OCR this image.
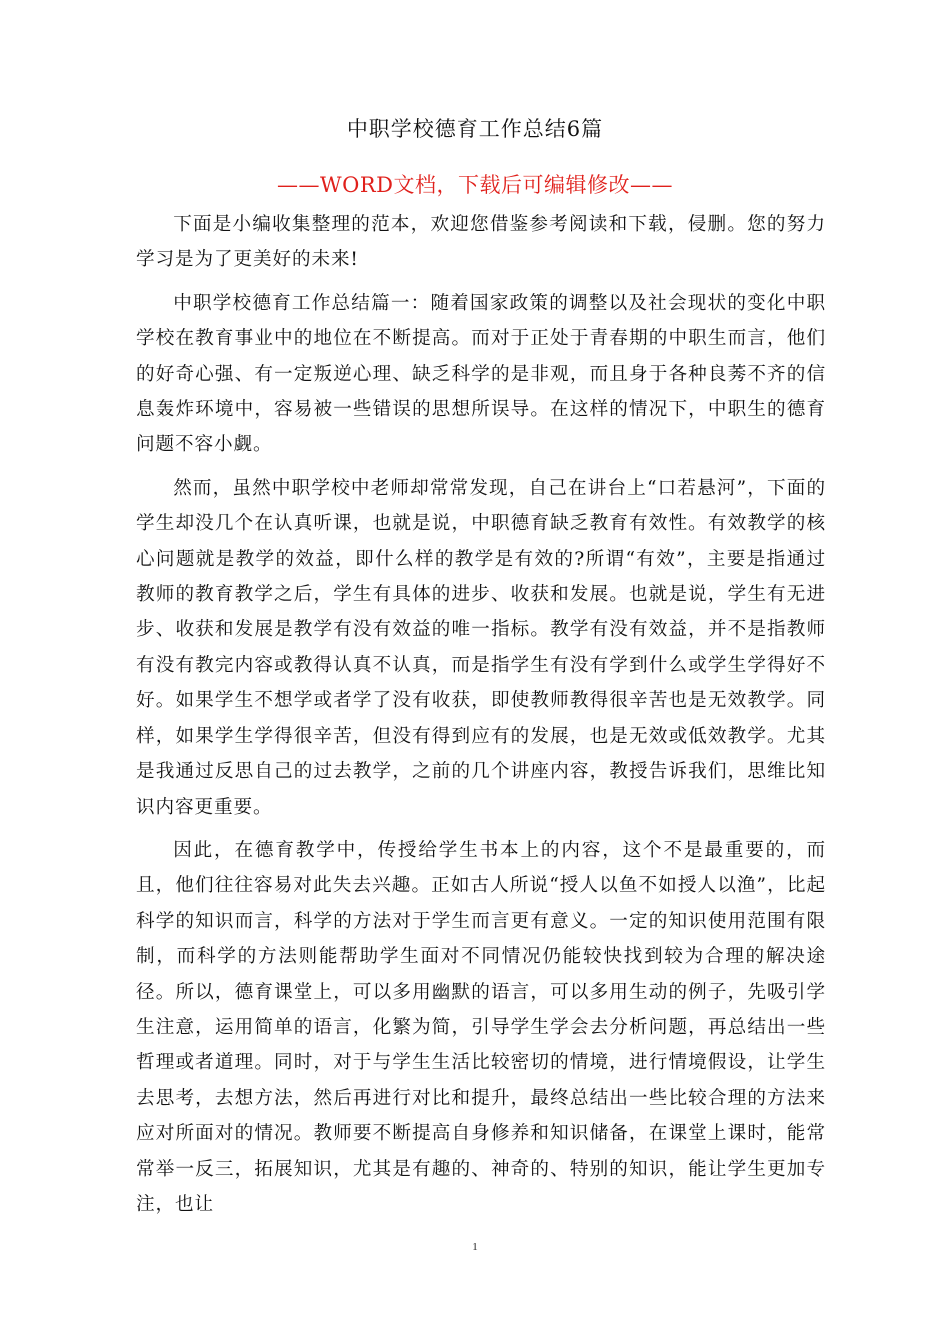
中职学校德育工作总结6篇
——WORD文档，下载后可编辑修改——

下面是小编收集整理的范本，欢迎您借鉴参考阅读和下载，侵删。您的努力学习是为了更美好的未来!

中职学校德育工作总结篇一：随着国家政策的调整以及社会现状的变化中职学校在教育事业中的地位在不断提高。而对于正处于青春期的中职生而言，他们的好奇心强、有一定叛逆心理、缺乏科学的是非观，而且身于各种良莠不齐的信息轰炸环境中，容易被一些错误的思想所误导。在这样的情况下，中职生的德育问题不容小觑。

然而，虽然中职学校中老师却常常发现，自己在讲台上“口若悬河”，下面的学生却没几个在认真听课，也就是说，中职德育缺乏教育有效性。有效教学的核心问题就是教学的效益，即什么样的教学是有效的?所谓“有效”，主要是指通过教师的教育教学之后，学生有具体的进步、收获和发展。也就是说，学生有无进步、收获和发展是教学有没有效益的唯一指标。教学有没有效益，并不是指教师有没有教完内容或教得认真不认真，而是指学生有没有学到什么或学生学得好不好。如果学生不想学或者学了没有收获，即使教师教得很辛苦也是无效教学。同样，如果学生学得很辛苦，但没有得到应有的发展，也是无效或低效教学。尤其是我通过反思自己的过去教学，之前的几个讲座内容，教授告诉我们，思维比知识内容更重要。

因此，在德育教学中，传授给学生书本上的内容，这个不是最重要的，而且，他们往往容易对此失去兴趣。正如古人所说“授人以鱼不如授人以渔”，比起科学的知识而言，科学的方法对于学生而言更有意义。一定的知识使用范围有限制，而科学的方法则能帮助学生面对不同情况仍能较快找到较为合理的解决途径。所以，德育课堂上，可以多用幽默的语言，可以多用生动的例子，先吸引学生注意，运用简单的语言，化繁为简，引导学生学会去分析问题，再总结出一些哲理或者道理。同时，对于与学生生活比较密切的情境，进行情境假设，让学生去思考，去想方法，然后再进行对比和提升，最终总结出一些比较合理的方法来应对所面对的情况。教师要不断提高自身修养和知识储备，在课堂上课时，能常常举一反三，拓展知识，尤其是有趣的、神奇的、特别的知识，能让学生更加专注，也让

1
